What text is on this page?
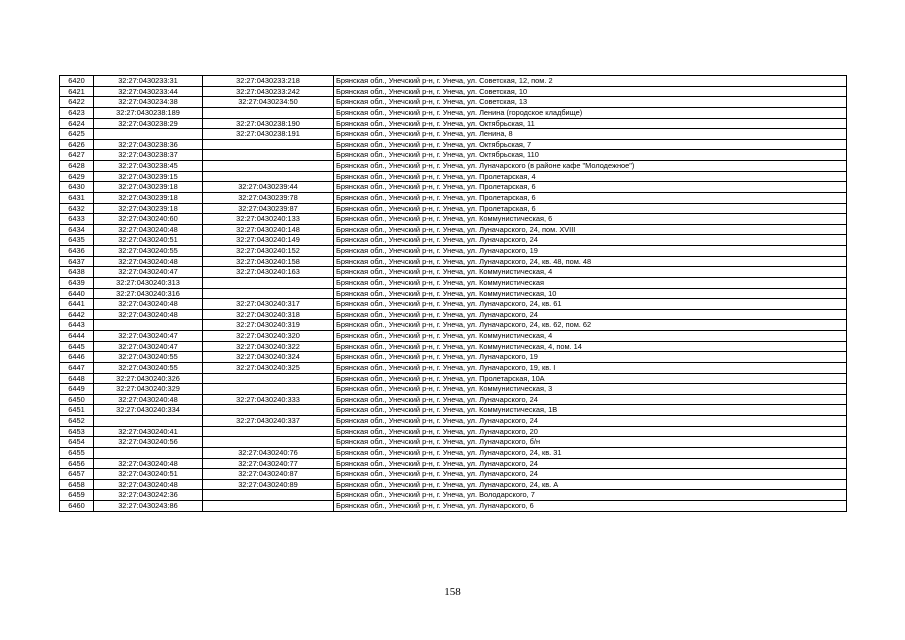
6420	32:27:0430233:31	32:27:0430233:218	Брянская обл., Унечский р-н, г. Унеча, ул. Советская, 12, пом. 2
6421	32:27:0430233:44	32:27:0430233:242	Брянская обл., Унечский р-н, г. Унеча, ул. Советская, 10
6422	32:27:0430234:38	32:27:0430234:50	Брянская обл., Унечский р-н, г. Унеча, ул. Советская, 13
6423	32:27:0430238:189		Брянская обл., Унечский р-н, г. Унеча, ул. Ленина (городское кладбище)
6424	32:27:0430238:29	32:27:0430238:190	Брянская обл., Унечский р-н, г. Унеча, ул. Октябрьская, 11
6425		32:27:0430238:191	Брянская обл., Унечский р-н, г. Унеча, ул. Ленина, 8
6426	32:27:0430238:36		Брянская обл., Унечский р-н, г. Унеча, ул. Октябрьская, 7
6427	32:27:0430238:37		Брянская обл., Унечский р-н, г. Унеча, ул. Октябрьская, 110
6428	32:27:0430238:45		Брянская обл., Унечский р-н, г. Унеча, ул. Луначарского (в районе кафе "Молодежное")
6429	32:27:0430239:15		Брянская обл., Унечский р-н, г. Унеча, ул. Пролетарская, 4
6430	32:27:0430239:18	32:27:0430239:44	Брянская обл., Унечский р-н, г. Унеча, ул. Пролетарская, 6
6431	32:27:0430239:18	32:27:0430239:78	Брянская обл., Унечский р-н, г. Унеча, ул. Пролетарская, 6
6432	32:27:0430239:18	32:27:0430239:87	Брянская обл., Унечский р-н, г. Унеча, ул. Пролетарская, 6
6433	32:27:0430240:60	32:27:0430240:133	Брянская обл., Унечский р-н, г. Унеча, ул. Коммунистическая, 6
6434	32:27:0430240:48	32:27:0430240:148	Брянская обл., Унечский р-н, г. Унеча, ул. Луначарского, 24, пом. XVIII
6435	32:27:0430240:51	32:27:0430240:149	Брянская обл., Унечский р-н, г. Унеча, ул. Луначарского, 24
6436	32:27:0430240:55	32:27:0430240:152	Брянская обл., Унечский р-н, г. Унеча, ул. Луначарского, 19
6437	32:27:0430240:48	32:27:0430240:158	Брянская обл., Унечский р-н, г. Унеча, ул. Луначарского, 24, кв. 48, пом. 48
6438	32:27:0430240:47	32:27:0430240:163	Брянская обл., Унечский р-н, г. Унеча, ул. Коммунистическая, 4
6439	32:27:0430240:313		Брянская обл., Унечский р-н, г. Унеча, ул. Коммунистическая
6440	32:27:0430240:316		Брянская обл., Унечский р-н, г. Унеча, ул. Коммунистическая, 10
6441	32:27:0430240:48	32:27:0430240:317	Брянская обл., Унечский р-н, г. Унеча, ул. Луначарского, 24, кв. 61
6442	32:27:0430240:48	32:27:0430240:318	Брянская обл., Унечский р-н, г. Унеча, ул. Луначарского, 24
6443		32:27:0430240:319	Брянская обл., Унечский р-н, г. Унеча, ул. Луначарского, 24, кв. 62, пом. 62
6444	32:27:0430240:47	32:27:0430240:320	Брянская обл., Унечский р-н, г. Унеча, ул. Коммунистическая, 4
6445	32:27:0430240:47	32:27:0430240:322	Брянская обл., Унечский р-н, г. Унеча, ул. Коммунистическая, 4, пом. 14
6446	32:27:0430240:55	32:27:0430240:324	Брянская обл., Унечский р-н, г. Унеча, ул. Луначарского, 19
6447	32:27:0430240:55	32:27:0430240:325	Брянская обл., Унечский р-н, г. Унеча, ул. Луначарского, 19, кв. I
6448	32:27:0430240:326		Брянская обл., Унечский р-н, г. Унеча, ул. Пролетарская, 10А
6449	32:27:0430240:329		Брянская обл., Унечский р-н, г. Унеча, ул. Коммунистическая, 3
6450	32:27:0430240:48	32:27:0430240:333	Брянская обл., Унечский р-н, г. Унеча, ул. Луначарского, 24
6451	32:27:0430240:334		Брянская обл., Унечский р-н, г. Унеча, ул. Коммунистическая, 1В
6452		32:27:0430240:337	Брянская обл., Унечский р-н, г. Унеча, ул. Луначарского, 24
6453	32:27:0430240:41		Брянская обл., Унечский р-н, г. Унеча, ул. Луначарского, 20
6454	32:27:0430240:56		Брянская обл., Унечский р-н, г. Унеча, ул. Луначарского, б/н
6455		32:27:0430240:76	Брянская обл., Унечский р-н, г. Унеча, ул. Луначарского, 24, кв. 31
6456	32:27:0430240:48	32:27:0430240:77	Брянская обл., Унечский р-н, г. Унеча, ул. Луначарского, 24
6457	32:27:0430240:51	32:27:0430240:87	Брянская обл., Унечский р-н, г. Унеча, ул. Луначарского, 24
6458	32:27:0430240:48	32:27:0430240:89	Брянская обл., Унечский р-н, г. Унеча, ул. Луначарского, 24, кв. А
6459	32:27:0430242:36		Брянская обл., Унечский р-н, г. Унеча, ул. Володарского, 7
6460	32:27:0430243:86		Брянская обл., Унечский р-н, г. Унеча, ул. Луначарского, 6
158
